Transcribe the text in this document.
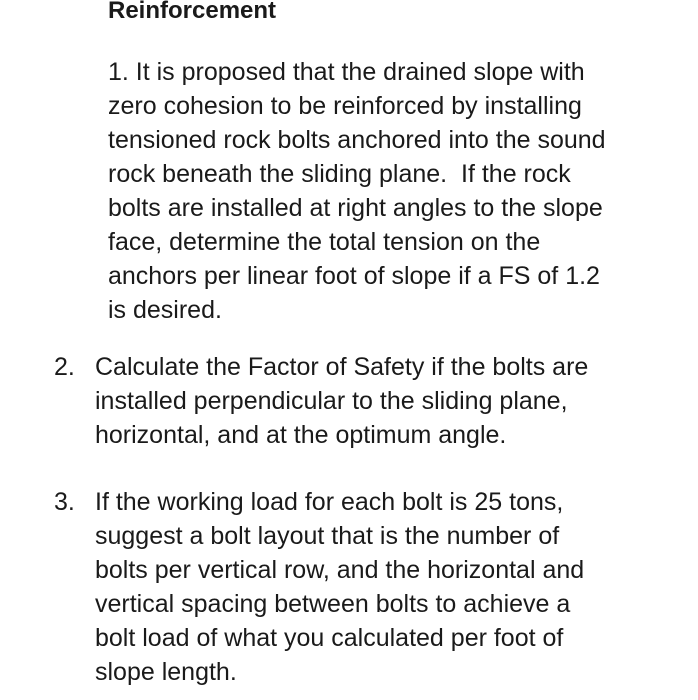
Reinforcement
1. It is proposed that the drained slope with
zero cohesion to be reinforced by installing
tensioned rock bolts anchored into the sound
rock beneath the sliding plane.  If the rock
bolts are installed at right angles to the slope
face, determine the total tension on the
anchors per linear foot of slope if a FS of 1.2
is desired.
2. Calculate the Factor of Safety if the bolts are
installed perpendicular to the sliding plane,
horizontal, and at the optimum angle.
3. If the working load for each bolt is 25 tons,
suggest a bolt layout that is the number of
bolts per vertical row, and the horizontal and
vertical spacing between bolts to achieve a
bolt load of what you calculated per foot of
slope length.
